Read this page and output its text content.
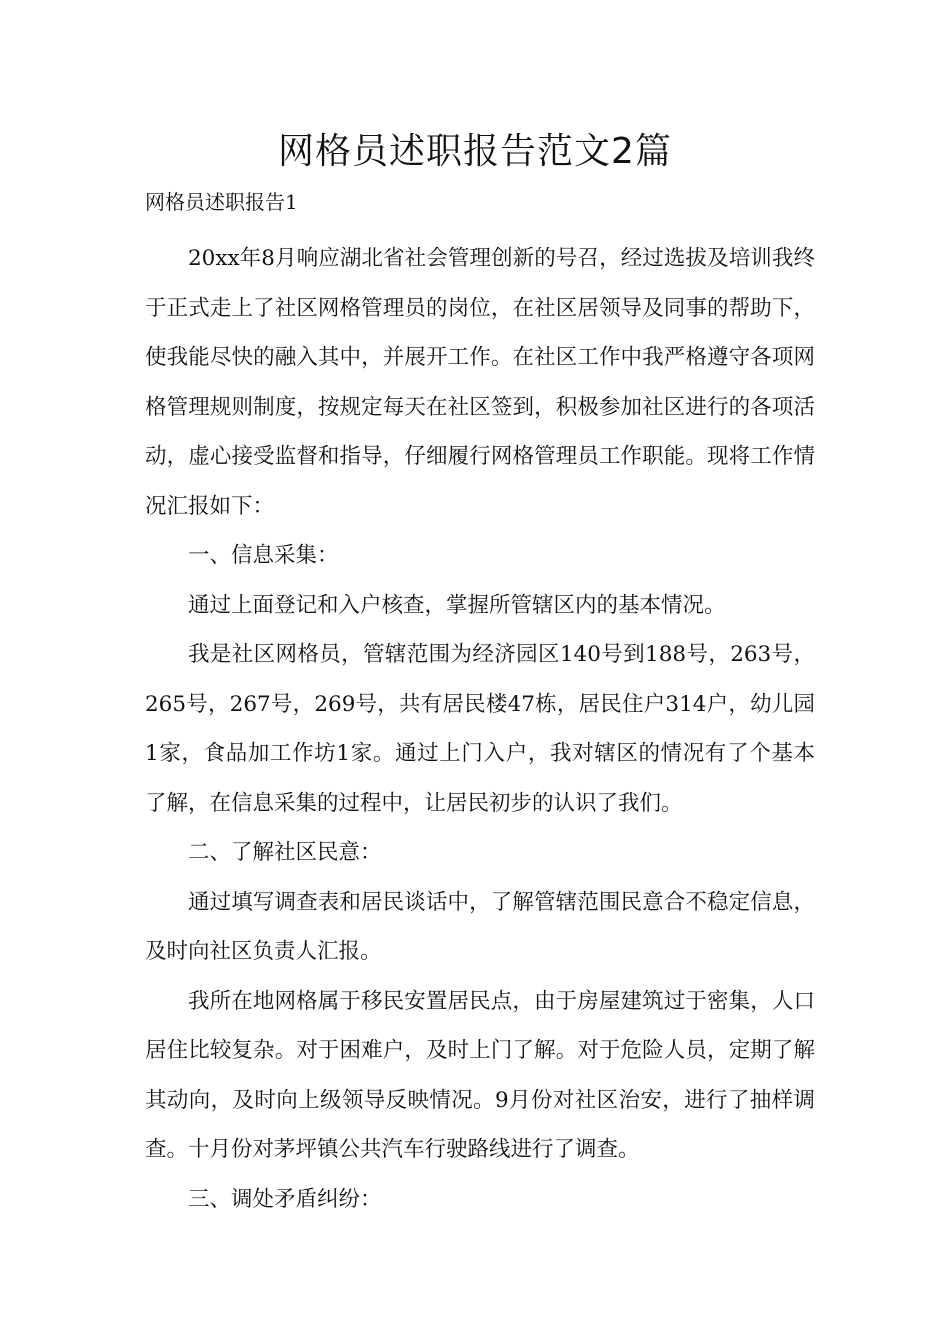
网格员述职报告范文2篇
网格员述职报告1

20xx年8月响应湖北省社会管理创新的号召，经过选拔及培训我终于正式走上了社区网格管理员的岗位，在社区居领导及同事的帮助下，使我能尽快的融入其中，并展开工作。在社区工作中我严格遵守各项网格管理规则制度，按规定每天在社区签到，积极参加社区进行的各项活动，虚心接受监督和指导，仔细履行网格管理员工作职能。现将工作情况汇报如下：

一、信息采集：

通过上面登记和入户核查，掌握所管辖区内的基本情况。

我是社区网格员，管辖范围为经济园区140号到188号，263号，265号，267号，269号，共有居民楼47栋，居民住户314户，幼儿园1家，食品加工作坊1家。通过上门入户，我对辖区的情况有了个基本了解，在信息采集的过程中，让居民初步的认识了我们。

二、了解社区民意：

通过填写调查表和居民谈话中，了解管辖范围民意合不稳定信息，及时向社区负责人汇报。

我所在地网格属于移民安置居民点，由于房屋建筑过于密集，人口居住比较复杂。对于困难户，及时上门了解。对于危险人员，定期了解其动向，及时向上级领导反映情况。9月份对社区治安，进行了抽样调查。十月份对茅坪镇公共汽车行驶路线进行了调查。

三、调处矛盾纠纷：
